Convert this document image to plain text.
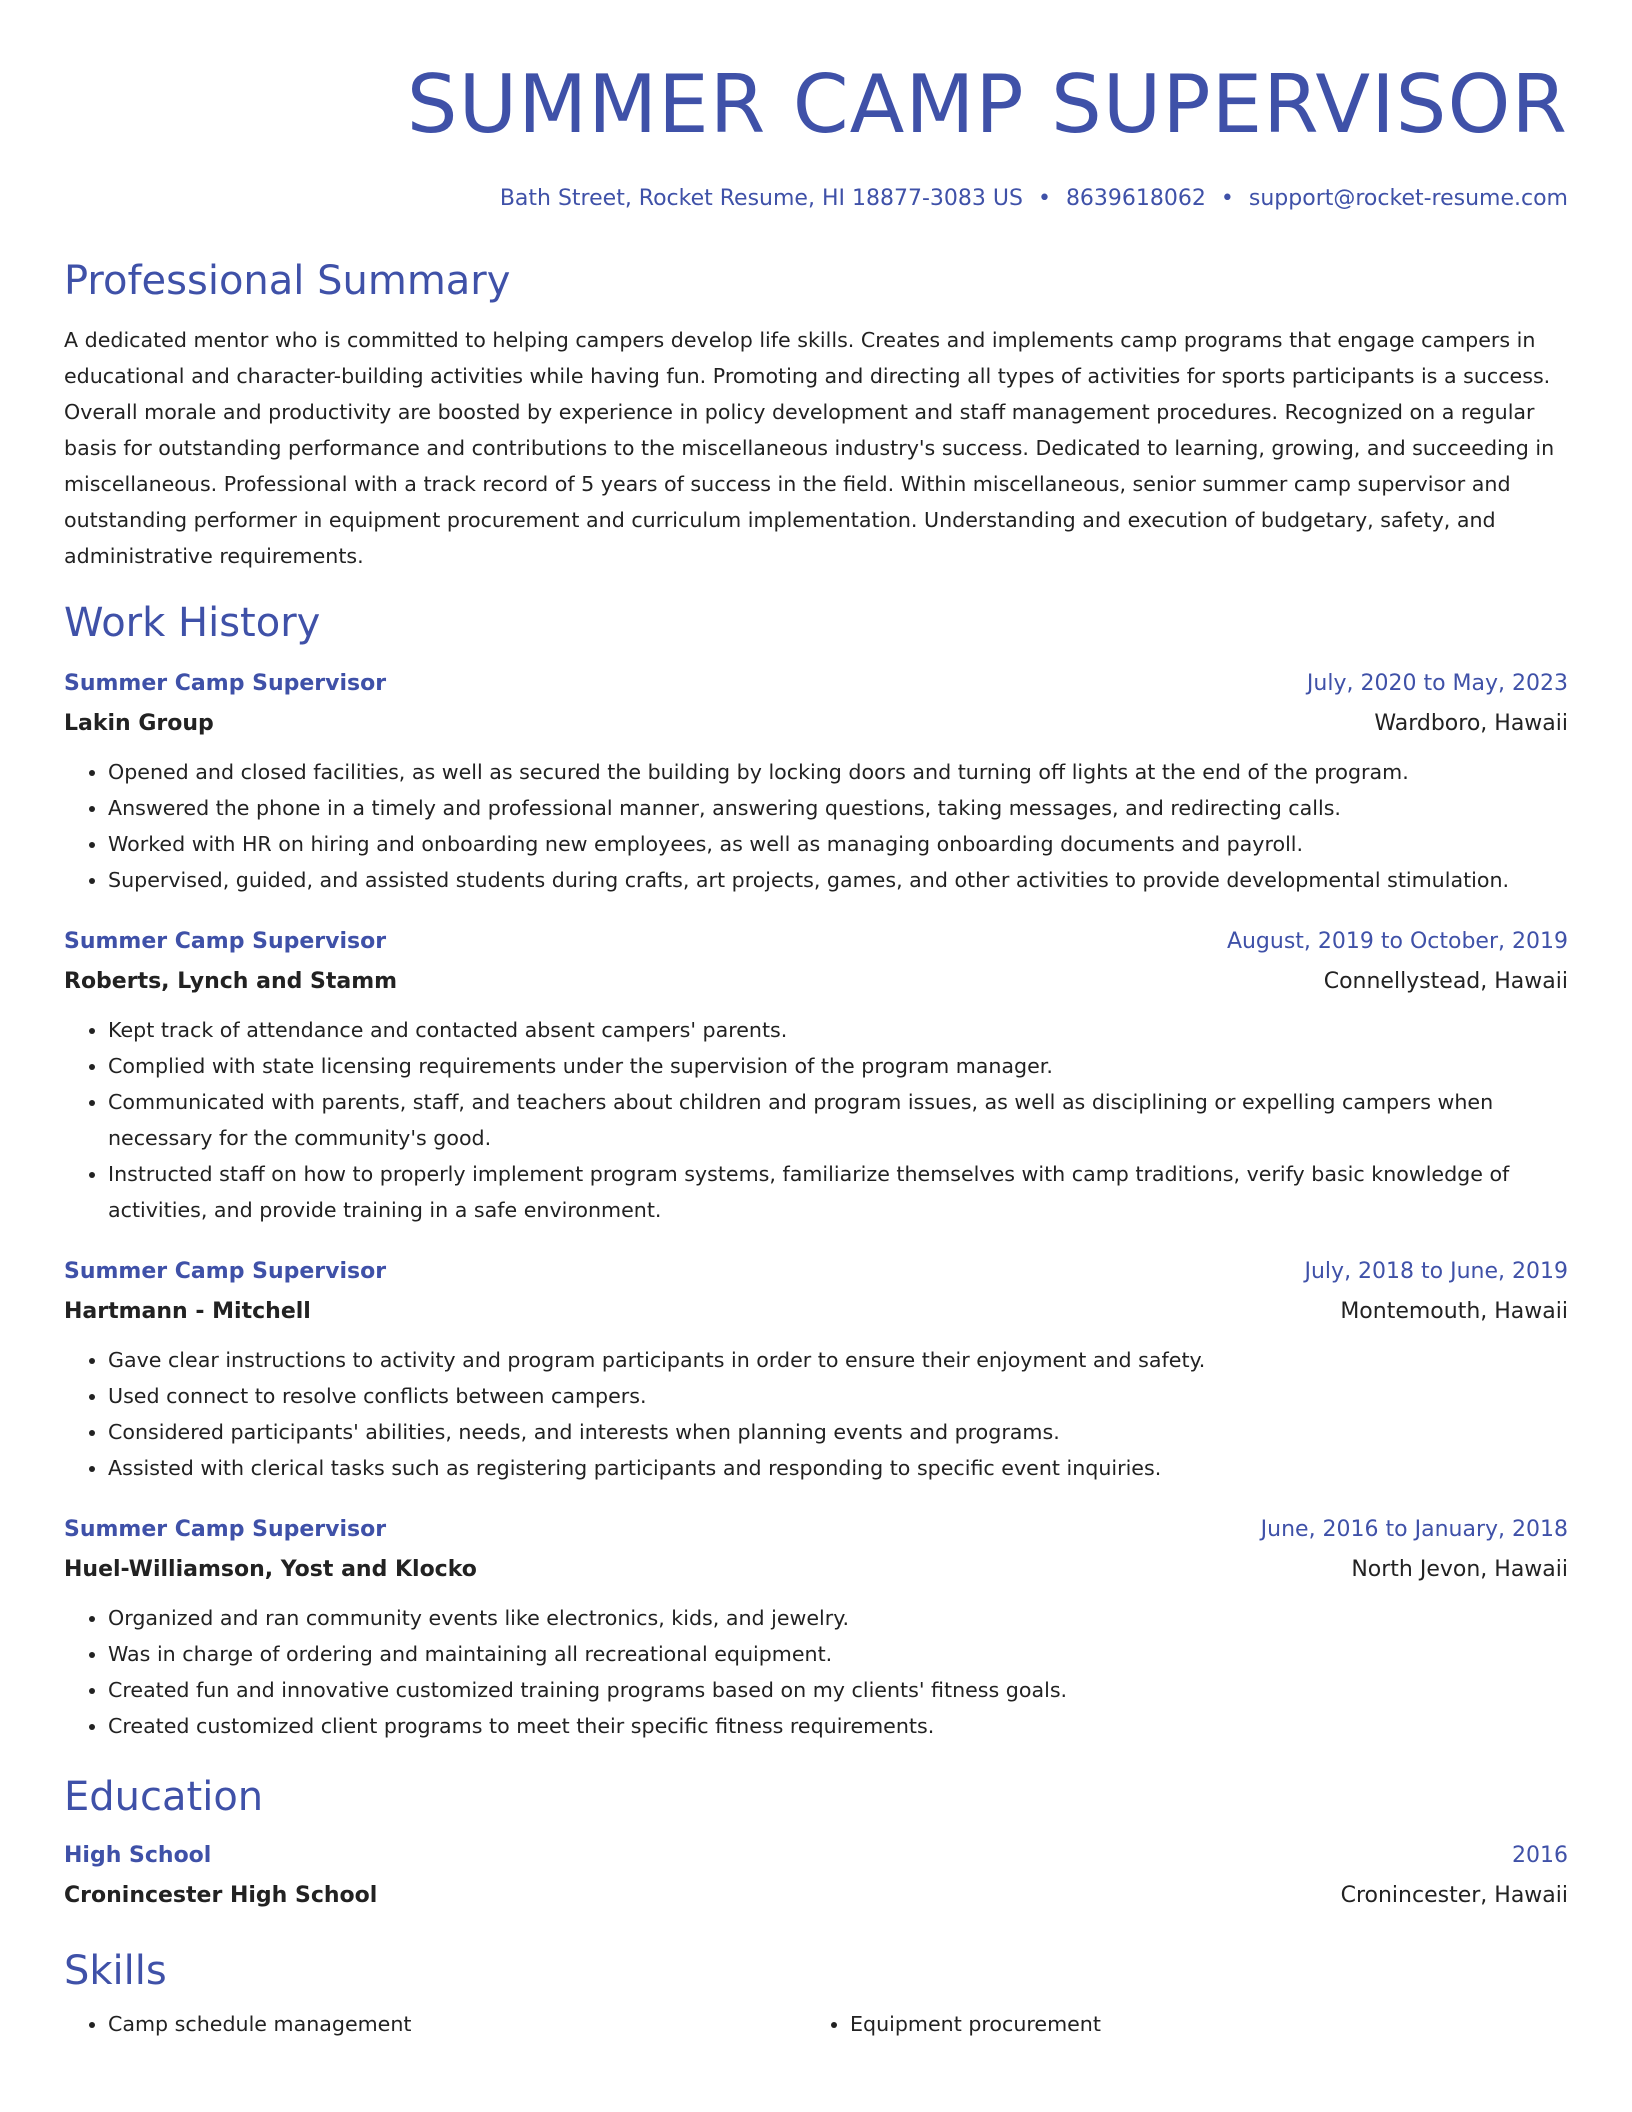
SUMMER CAMP SUPERVISOR
Bath Street, Rocket Resume, HI 18877-3083 US • 8639618062 • support@rocket-resume.com
Professional Summary
A dedicated mentor who is committed to helping campers develop life skills. Creates and implements camp programs that engage campers in educational and character-building activities while having fun. Promoting and directing all types of activities for sports participants is a success. Overall morale and productivity are boosted by experience in policy development and staff management procedures. Recognized on a regular basis for outstanding performance and contributions to the miscellaneous industry's success. Dedicated to learning, growing, and succeeding in miscellaneous. Professional with a track record of 5 years of success in the field. Within miscellaneous, senior summer camp supervisor and outstanding performer in equipment procurement and curriculum implementation. Understanding and execution of budgetary, safety, and administrative requirements.
Work History
Summer Camp Supervisor	July, 2020 to May, 2023
Lakin Group	Wardboro, Hawaii
• Opened and closed facilities, as well as secured the building by locking doors and turning off lights at the end of the program.
• Answered the phone in a timely and professional manner, answering questions, taking messages, and redirecting calls.
• Worked with HR on hiring and onboarding new employees, as well as managing onboarding documents and payroll.
• Supervised, guided, and assisted students during crafts, art projects, games, and other activities to provide developmental stimulation.
Summer Camp Supervisor	August, 2019 to October, 2019
Roberts, Lynch and Stamm	Connellystead, Hawaii
• Kept track of attendance and contacted absent campers' parents.
• Complied with state licensing requirements under the supervision of the program manager.
• Communicated with parents, staff, and teachers about children and program issues, as well as disciplining or expelling campers when necessary for the community's good.
• Instructed staff on how to properly implement program systems, familiarize themselves with camp traditions, verify basic knowledge of activities, and provide training in a safe environment.
Summer Camp Supervisor	July, 2018 to June, 2019
Hartmann - Mitchell	Montemouth, Hawaii
• Gave clear instructions to activity and program participants in order to ensure their enjoyment and safety.
• Used connect to resolve conflicts between campers.
• Considered participants' abilities, needs, and interests when planning events and programs.
• Assisted with clerical tasks such as registering participants and responding to specific event inquiries.
Summer Camp Supervisor	June, 2016 to January, 2018
Huel-Williamson, Yost and Klocko	North Jevon, Hawaii
• Organized and ran community events like electronics, kids, and jewelry.
• Was in charge of ordering and maintaining all recreational equipment.
• Created fun and innovative customized training programs based on my clients' fitness goals.
• Created customized client programs to meet their specific fitness requirements.
Education
High School	2016
Cronincester High School	Cronincester, Hawaii
Skills
• Camp schedule management
•	Equipment procurement
